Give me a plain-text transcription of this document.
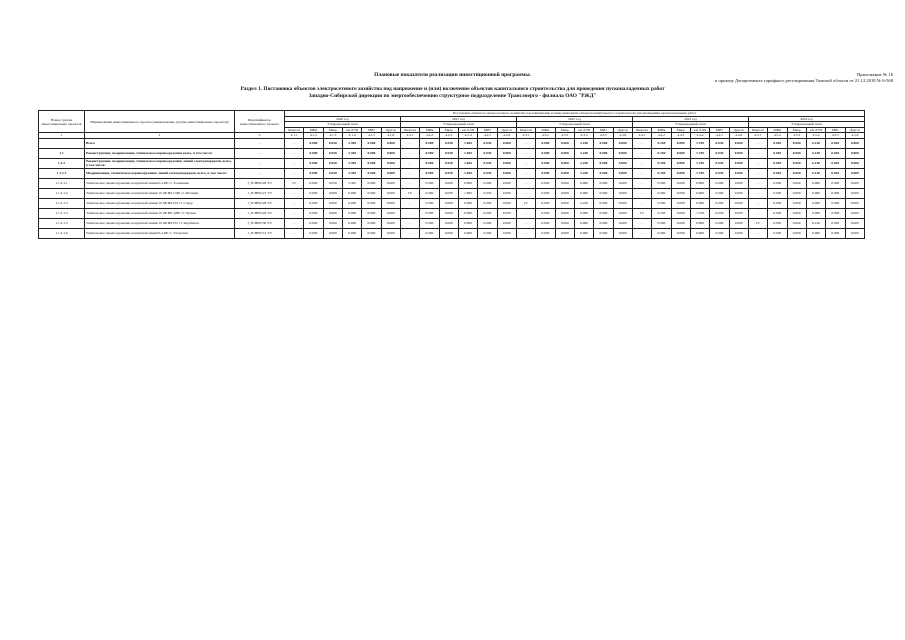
Приложение № 16
к приказу Департамента тарифного регулирования Томской области от 21.12.2018 № 6-568
Плановые показатели реализации инвестиционной программы.
Раздел 1. Постановка объектов электросетевого хозяйства под напряжение и (или) включение объектов капитального строительства для проведения пусконаладочных работ
Западно-Сибирской дирекции по энергообеспечению структурное подразделение Трансэнерго - филиала ОАО "РЖД"
Номер группы инвестиционных проектов	Наименование инвестиционного проекта (наименование группы инвестиционных проектов)	Идентификатор инвестиционного проекта	Постановка объектов электросетевого хозяйства под напряжение и (или) включение объектов капитального строительства для проведения пусконаладочных работ																													
			2020 год						2021 год						2022 год						2023 год						2024 год					
			Утвержденный план						Утвержденный план						Утвержденный план						Утвержденный план						Утвержденный план					
			Квартал	МВА	Мвар	км ЛЭП	МВт	Другое	Квартал	МВА	Мвар	км ЛЭП	МВт	Другое	Квартал	МВА	Мвар	км ЛЭП	МВт	Другое	Квартал	МВА	Мвар	км ЛЭП	МВт	Другое	Квартал	МВА	Мвар	км ЛЭП	МВт	Другое
1	2	3	4.1.1	4.1.2	4.1.3	4.1.4	4.1.5	4.1.6	4.2.1	4.2.2	4.2.3	4.2.4	4.2.5	4.2.6	4.3.1	4.3.2	4.3.3	4.3.4	4.3.5	4.3.6	4.4.1	4.4.2	4.4.3	4.4.4	4.4.5	4.4.6	4.5.1	4.5.2	4.5.3	4.5.4	4.5.5	4.5.6
	Всего	-	-	0.000	0.050	2.305	0.000	0.000	-	0.000	0.030	1.665	0.030	0.000	-	0.000	0.000	2.240	0.000	0.000	-	0.250	0.000	1.750	0.030	0.000	-	0.065	0.000	6.140	0.065	0.000
1.1	Реконструкция, модернизация, техническое перевооружение всего, в том числе:	-	-	0.000	0.050	2.305	0.000	0.000	-	0.000	0.030	1.665	0.030	0.000	-	0.000	0.000	2.240	0.000	0.000	-	0.250	0.000	1.750	0.030	0.000	-	0.065	0.000	6.140	0.065	0.000
1.1.2	Реконструкция, модернизация, техническое перевооружение линий электропередачи, всего, в том числе:	-	-	0.000	0.050	2.305	0.000	0.000	-	0.000	0.030	1.665	0.030	0.000	-	0.000	0.000	2.240	0.000	0.000	-	0.250	0.000	1.750	0.030	0.000	-	0.065	0.000	6.140	0.065	0.000
1.1.2.1	Модернизация, техническое перевооружение линий электропередачи, всего, в том числе:	-	-	0.000	0.050	2.305	0.000	0.000	-	0.000	0.030	1.665	0.030	0.000	-	0.000	0.000	2.240	0.000	0.000	-	0.250	0.000	1.750	0.030	0.000	-	0.065	0.000	6.140	0.065	0.000
1.1.2.1.1	Техническое перевооружение воздушной линии 0,4 кВ ст. Тальменка	J_ЗСНЕ0126 ТЭ	IV	0.000	0.050	2.305	0.000	0.000	-	0.000	0.000	0.000	0.000	0.000	-	0.000	0.000	0.000	0.000	0.000	-	0.000	0.000	0.000	0.000	0.000	-	0.000	0.000	0.000	0.000	0.000
1.1.2.1.2	Техническое перевооружение воздушной линии 10 кВ ВЛ СЦБ ст. Мочище	J_ЗСНЕ0127 ТЭ	-	0.000	0.000	0.000	0.000	0.000	IV	0.000	0.030	1.665	0.030	0.000	-	0.000	0.000	0.000	0.000	0.000	-	0.000	0.000	0.000	0.000	0.000	-	0.000	0.000	0.000	0.000	0.000
1.1.2.1.3	Техническое перевооружение воздушной линии 10 кВ ВЛ ПЭ ст. Сокур	J_ЗСНЕ0128 ТЭ	-	0.000	0.000	0.000	0.000	0.000	-	0.000	0.000	0.000	0.000	0.000	IV	0.000	0.000	2.240	0.000	0.000	-	0.000	0.000	0.000	0.000	0.000	-	0.000	0.000	0.000	0.000	0.000
1.1.2.1.4	Техническое перевооружение воздушной линии 10 кВ ВЛ ДПР ст. Чулым	J_ЗСНЕ0129 ТЭ	-	0.000	0.000	0.000	0.000	0.000	-	0.000	0.000	0.000	0.000	0.000	-	0.000	0.000	0.000	0.000	0.000	IV	0.250	0.000	1.750	0.030	0.000	-	0.000	0.000	0.000	0.000	0.000
1.1.2.1.5	Техническое перевооружение воздушной линии 10 кВ ВЛ ПЭ ст. Барабинск	J_ЗСНЕ0130 ТЭ	-	0.000	0.000	0.000	0.000	0.000	-	0.000	0.000	0.000	0.000	0.000	-	0.000	0.000	0.000	0.000	0.000	-	0.000	0.000	0.000	0.000	0.000	IV	0.065	0.000	6.140	0.065	0.000
1.1.2.1.6	Техническое перевооружение воздушной линии 0,4 кВ ст. Татарская	J_ЗСНЕ0131 ТЭ	-	0.000	0.000	0.000	0.000	0.000	-	0.000	0.000	0.000	0.000	0.000	-	0.000	0.000	0.000	0.000	0.000	-	0.000	0.000	0.000	0.000	0.000	-	0.000	0.000	0.000	0.000	0.000
